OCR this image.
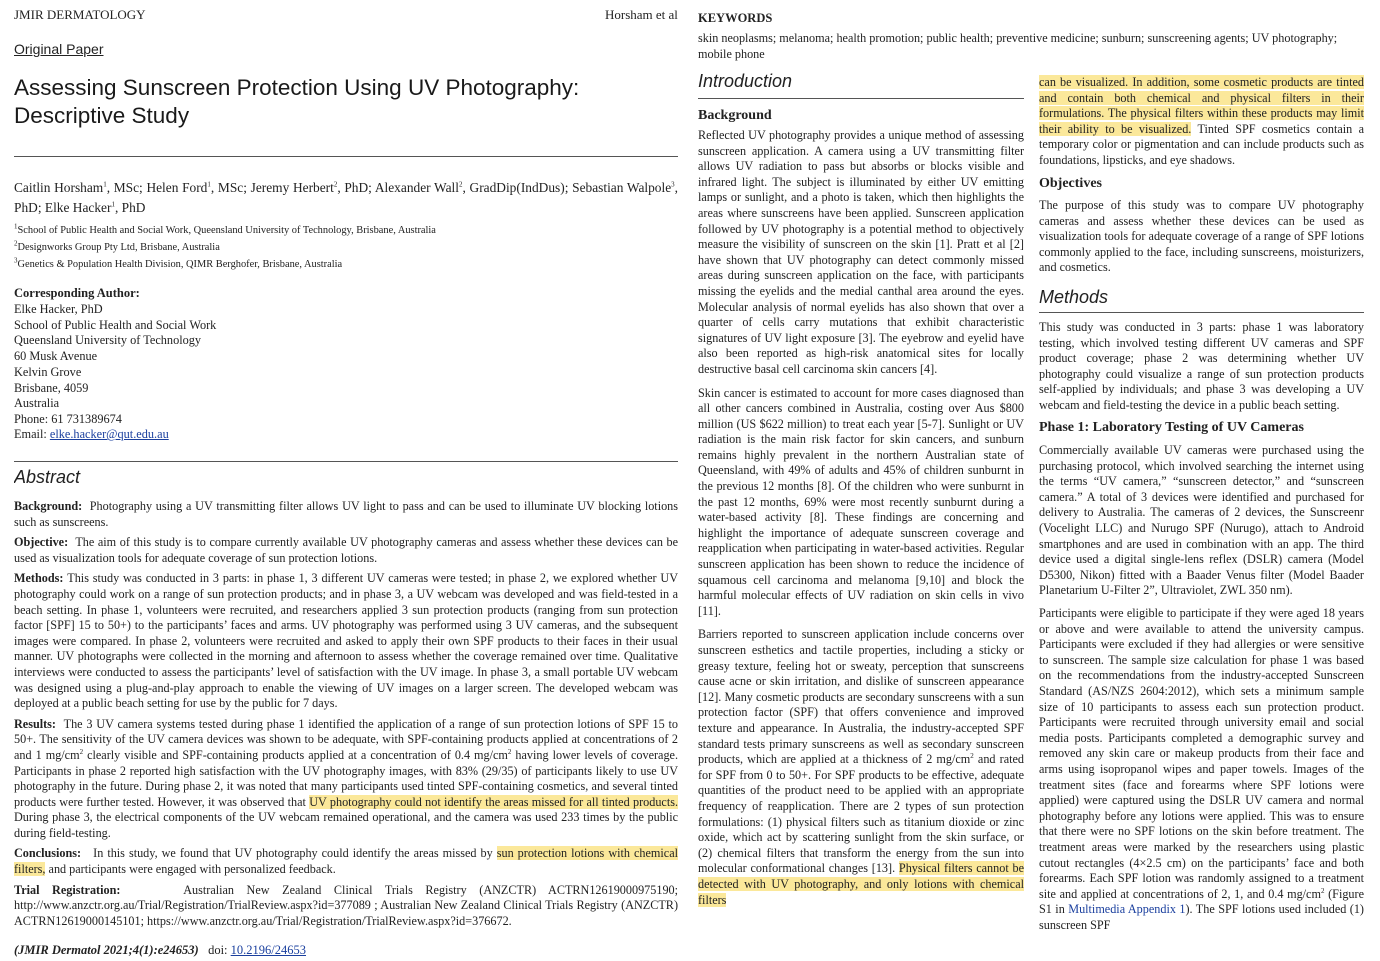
JMIR DERMATOLOGY	Horsham et al
Original Paper
Assessing Sunscreen Protection Using UV Photography: Descriptive Study
Caitlin Horsham$^1$, MSc; Helen Ford$^1$, MSc; Jeremy Herbert$^2$, PhD; Alexander Wall$^2$, GradDip(IndDus); Sebastian Walpole$^3$, PhD; Elke Hacker$^1$, PhD
$^1$School of Public Health and Social Work, Queensland University of Technology, Brisbane, Australia
$^2$Designworks Group Pty Ltd, Brisbane, Australia
$^3$Genetics & Population Health Division, QIMR Berghofer, Brisbane, Australia
Corresponding Author:
Elke Hacker, PhD
School of Public Health and Social Work
Queensland University of Technology
60 Musk Avenue
Kelvin Grove
Brisbane, 4059
Australia
Phone: 61 731389674
Email: elke.hacker@qut.edu.au
Abstract

Background: Photography using a UV transmitting filter allows UV light to pass and can be used to illuminate UV blocking lotions such as sunscreens.

Objective: The aim of this study is to compare currently available UV photography cameras and assess whether these devices can be used as visualization tools for adequate coverage of sun protection lotions.

Methods: This study was conducted in 3 parts: in phase 1, 3 different UV cameras were tested; in phase 2, we explored whether UV photography could work on a range of sun protection products; and in phase 3, a UV webcam was developed and was field-tested in a beach setting. In phase 1, volunteers were recruited, and researchers applied 3 sun protection products (ranging from sun protection factor [SPF] 15 to 50+) to the participants’ faces and arms. UV photography was performed using 3 UV cameras, and the subsequent images were compared. In phase 2, volunteers were recruited and asked to apply their own SPF products to their faces in their usual manner. UV photographs were collected in the morning and afternoon to assess whether the coverage remained over time. Qualitative interviews were conducted to assess the participants’ level of satisfaction with the UV image. In phase 3, a small portable UV webcam was designed using a plug-and-play approach to enable the viewing of UV images on a larger screen. The developed webcam was deployed at a public beach setting for use by the public for 7 days.

Results: The 3 UV camera systems tested during phase 1 identified the application of a range of sun protection lotions of SPF 15 to 50+. The sensitivity of the UV camera devices was shown to be adequate, with SPF-containing products applied at concentrations of 2 and 1 $mg/cm^2$ clearly visible and SPF-containing products applied at a concentration of 0.4 $mg/cm^2$ having lower levels of coverage. Participants in phase 2 reported high satisfaction with the UV photography images, with 83% (29/35) of participants likely to use UV photography in the future. During phase 2, it was noted that many participants used tinted SPF-containing cosmetics, and several tinted products were further tested. However, it was observed that UV photography could not identify the areas missed for all tinted products. During phase 3, the electrical components of the UV webcam remained operational, and the camera was used 233 times by the public during field-testing.

Conclusions: In this study, we found that UV photography could identify the areas missed by sun protection lotions with chemical filters, and participants were engaged with personalized feedback.

Trial Registration:	Australian New Zealand Clinical Trials Registry (ANZCTR) ACTRN12619000975190; http://www.anzctr.org.au/Trial/Registration/TrialReview.aspx?id=377089 ; Australian New Zealand Clinical Trials Registry (ANZCTR) ACTRN12619000145101; https://www.anzctr.org.au/Trial/Registration/TrialReview.aspx?id=376672.

(JMIR Dermatol 2021;4(1):e24653) doi: 10.2196/24653
KEYWORDS
skin neoplasms; melanoma; health promotion; public health; preventive medicine; sunburn; sunscreening agents; UV photography; mobile phone
Introduction
Background

Reflected UV photography provides a unique method of assessing sunscreen application. A camera using a UV transmitting filter allows UV radiation to pass but absorbs or blocks visible and infrared light. The subject is illuminated by either UV emitting lamps or sunlight, and a photo is taken, which then highlights the areas where sunscreens have been applied. Sunscreen application followed by UV photography is a potential method to objectively measure the visibility of sunscreen on the skin [1]. Pratt et al [2] have shown that UV photography can detect commonly missed areas during sunscreen application on the face, with participants missing the eyelids and the medial canthal area around the eyes. Molecular analysis of normal eyelids has also shown that over a quarter of cells carry mutations that exhibit characteristic signatures of UV light exposure [3]. The eyebrow and eyelid have also been reported as high-risk anatomical sites for locally destructive basal cell carcinoma skin cancers [4].

Skin cancer is estimated to account for more cases diagnosed than all other cancers combined in Australia, costing over Aus $800 million (US $622 million) to treat each year [5-7]. Sunlight or UV radiation is the main risk factor for skin cancers, and sunburn remains highly prevalent in the northern Australian state of Queensland, with 49% of adults and 45% of children sunburnt in the previous 12 months [8]. Of the children who were sunburnt in the past 12 months, 69% were most recently sunburnt during a water-based activity [8]. These findings are concerning and highlight the importance of adequate sunscreen coverage and reapplication when participating in water-based activities. Regular sunscreen application has been shown to reduce the incidence of squamous cell carcinoma and melanoma [9,10] and block the harmful molecular effects of UV radiation on skin cells in vivo [11].

Barriers reported to sunscreen application include concerns over sunscreen esthetics and tactile properties, including a sticky or greasy texture, feeling hot or sweaty, perception that sunscreens cause acne or skin irritation, and dislike of sunscreen appearance [12]. Many cosmetic products are secondary sunscreens with a sun protection factor (SPF) that offers convenience and improved texture and appearance. In Australia, the industry-accepted SPF standard tests primary sunscreens as well as secondary sunscreen products, which are applied at a thickness of 2 $mg/cm^2$ and rated for SPF from 0 to 50+. For SPF products to be effective, adequate quantities of the product need to be applied with an appropriate frequency of reapplication. There are 2 types of sun protection formulations: (1) physical filters such as titanium dioxide or zinc oxide, which act by scattering sunlight from the skin surface, or (2) chemical filters that transform the energy from the sun into molecular conformational changes [13]. Physical filters cannot be detected with UV photography, and only lotions with chemical filters

can be visualized. In addition, some cosmetic products are tinted and contain both chemical and physical filters in their formulations. The physical filters within these products may limit their ability to be visualized. Tinted SPF cosmetics contain a temporary color or pigmentation and can include products such as foundations, lipsticks, and eye shadows.

Objectives

The purpose of this study was to compare UV photography cameras and assess whether these devices can be used as visualization tools for adequate coverage of a range of SPF lotions commonly applied to the face, including sunscreens, moisturizers, and cosmetics.

Methods

This study was conducted in 3 parts: phase 1 was laboratory testing, which involved testing different UV cameras and SPF product coverage; phase 2 was determining whether UV photography could visualize a range of sun protection products self-applied by individuals; and phase 3 was developing a UV webcam and field-testing the device in a public beach setting.

Phase 1: Laboratory Testing of UV Cameras

Commercially available UV cameras were purchased using the purchasing protocol, which involved searching the internet using the terms “UV camera,” “sunscreen detector,” and “sunscreen camera.” A total of 3 devices were identified and purchased for delivery to Australia. The cameras of 2 devices, the Sunscreenr (Vocelight LLC) and Nurugo SPF (Nurugo), attach to Android smartphones and are used in combination with an app. The third device used a digital single-lens reflex (DSLR) camera (Model D5300, Nikon) fitted with a Baader Venus filter (Model Baader Planetarium U-Filter 2”, Ultraviolet, ZWL 350 nm).

Participants were eligible to participate if they were aged 18 years or above and were available to attend the university campus. Participants were excluded if they had allergies or were sensitive to sunscreen. The sample size calculation for phase 1 was based on the recommendations from the industry-accepted Sunscreen Standard (AS/NZS 2604:2012), which sets a minimum sample size of 10 participants to assess each sun protection product. Participants were recruited through university email and social media posts. Participants completed a demographic survey and removed any skin care or makeup products from their face and arms using isopropanol wipes and paper towels. Images of the treatment sites (face and forearms where SPF lotions were applied) were captured using the DSLR UV camera and normal photography before any lotions were applied. This was to ensure that there were no SPF lotions on the skin before treatment. The treatment areas were marked by the researchers using plastic cutout rectangles (4×2.5 cm) on the participants’ face and both forearms. Each SPF lotion was randomly assigned to a treatment site and applied at concentrations of 2, 1, and 0.4 $mg/cm^2$ (Figure S1 in Multimedia Appendix 1). The SPF lotions used included (1) sunscreen SPF
